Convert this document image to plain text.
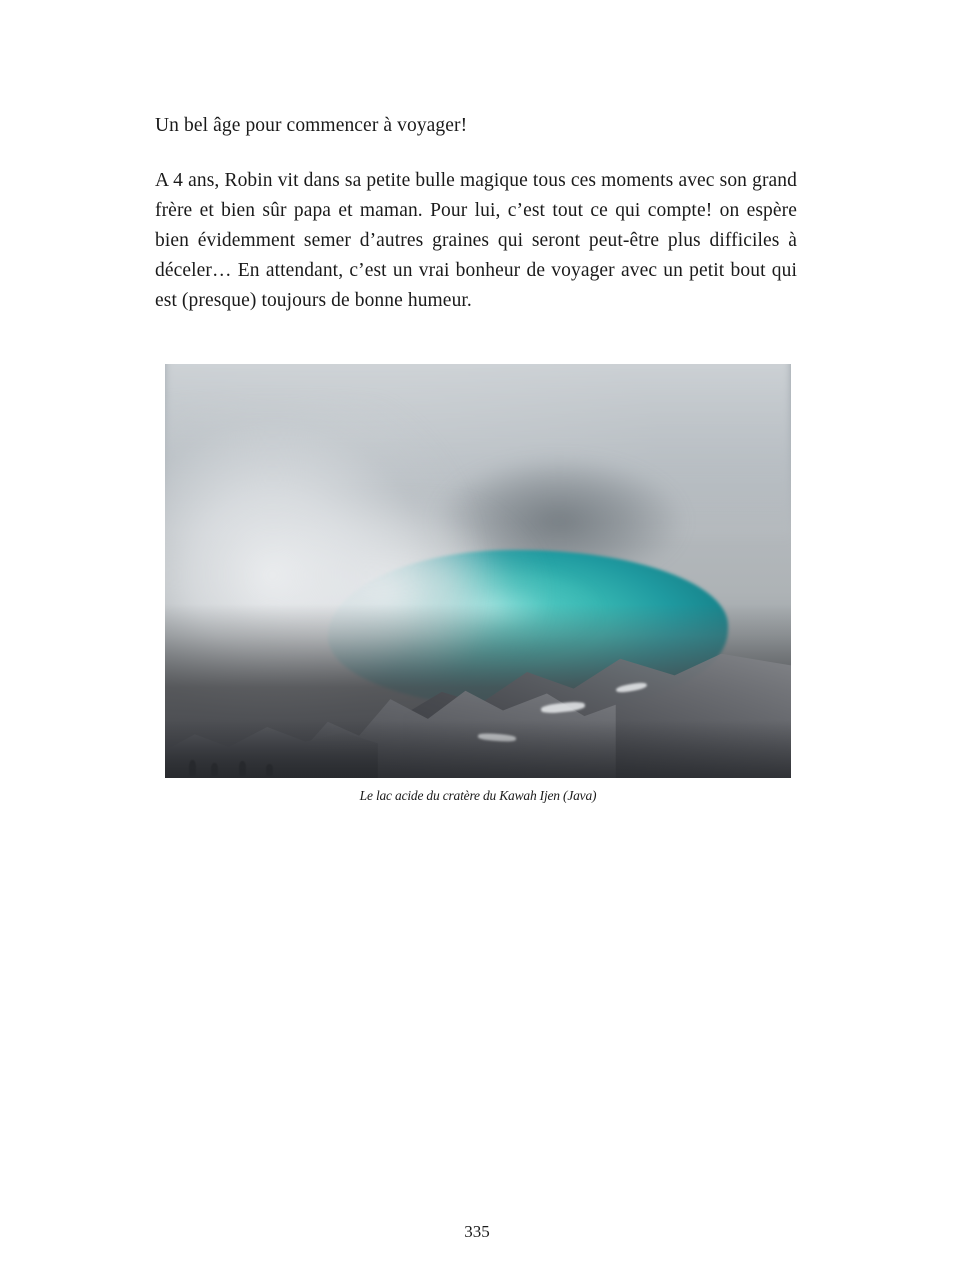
Un bel âge pour commencer à voyager!

A 4 ans, Robin vit dans sa petite bulle magique tous ces moments avec son grand frère et bien sûr papa et maman. Pour lui, c’est tout ce qui compte! on espère bien évidemment semer d’autres graines qui seront peut-être plus difficiles à déceler… En attendant, c’est un vrai bonheur de voyager avec un petit bout qui est (presque) toujours de bonne humeur.

Le lac acide du cratère du Kawah Ijen (Java)
335
